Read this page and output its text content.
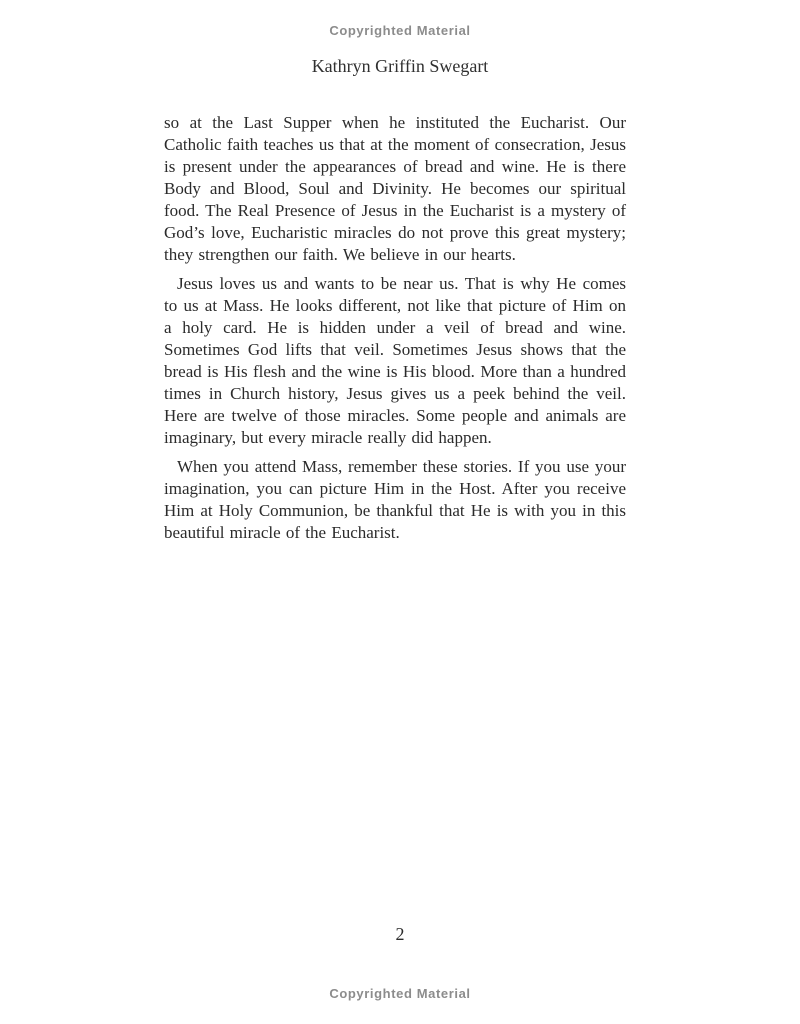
Copyrighted Material
Kathryn Griffin Swegart

so at the Last Supper when he instituted the Eucharist. Our Catholic faith teaches us that at the moment of consecration, Jesus is present under the appearances of bread and wine. He is there Body and Blood, Soul and Divinity. He becomes our spiritual food. The Real Presence of Jesus in the Eucharist is a mystery of God’s love, Eucharistic miracles do not prove this great mystery; they strengthen our faith. We believe in our hearts.

Jesus loves us and wants to be near us. That is why He comes to us at Mass. He looks different, not like that picture of Him on a holy card. He is hidden under a veil of bread and wine. Sometimes God lifts that veil. Sometimes Jesus shows that the bread is His flesh and the wine is His blood. More than a hundred times in Church history, Jesus gives us a peek behind the veil. Here are twelve of those miracles. Some people and animals are imaginary, but every miracle really did happen.

When you attend Mass, remember these stories. If you use your imagination, you can picture Him in the Host. After you receive Him at Holy Communion, be thankful that He is with you in this beautiful miracle of the Eucharist.

2
Copyrighted Material
